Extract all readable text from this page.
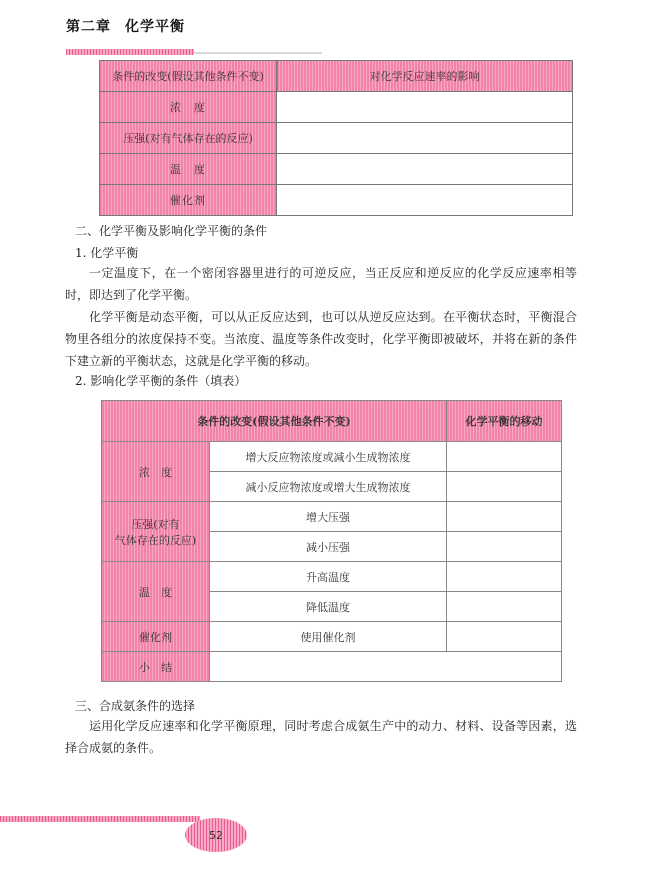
第二章 化学平衡
条件的改变(假设其他条件不变)	对化学反应速率的影响
浓　度	
压强(对有气体存在的反应)	
温　度	
催化剂	
二、化学平衡及影响化学平衡的条件
1. 化学平衡
一定温度下，在一个密闭容器里进行的可逆反应，当正反应和逆反应的化学反应速率相等时，即达到了化学平衡。
化学平衡是动态平衡，可以从正反应达到，也可以从逆反应达到。在平衡状态时，平衡混合物里各组分的浓度保持不变。当浓度、温度等条件改变时，化学平衡即被破坏，并将在新的条件下建立新的平衡状态，这就是化学平衡的移动。
2. 影响化学平衡的条件（填表）
条件的改变(假设其他条件不变)		化学平衡的移动
浓　度	增大反应物浓度或减小生成物浓度	
	减小反应物浓度或增大生成物浓度	

压强(对有
气体存在的反应)	增大压强	
	减小压强	
温　度	升高温度	
	降低温度	
催化剂	使用催化剂	
小　结		
三、合成氨条件的选择
运用化学反应速率和化学平衡原理，同时考虑合成氨生产中的动力、材料、设备等因素，选择合成氨的条件。
52
